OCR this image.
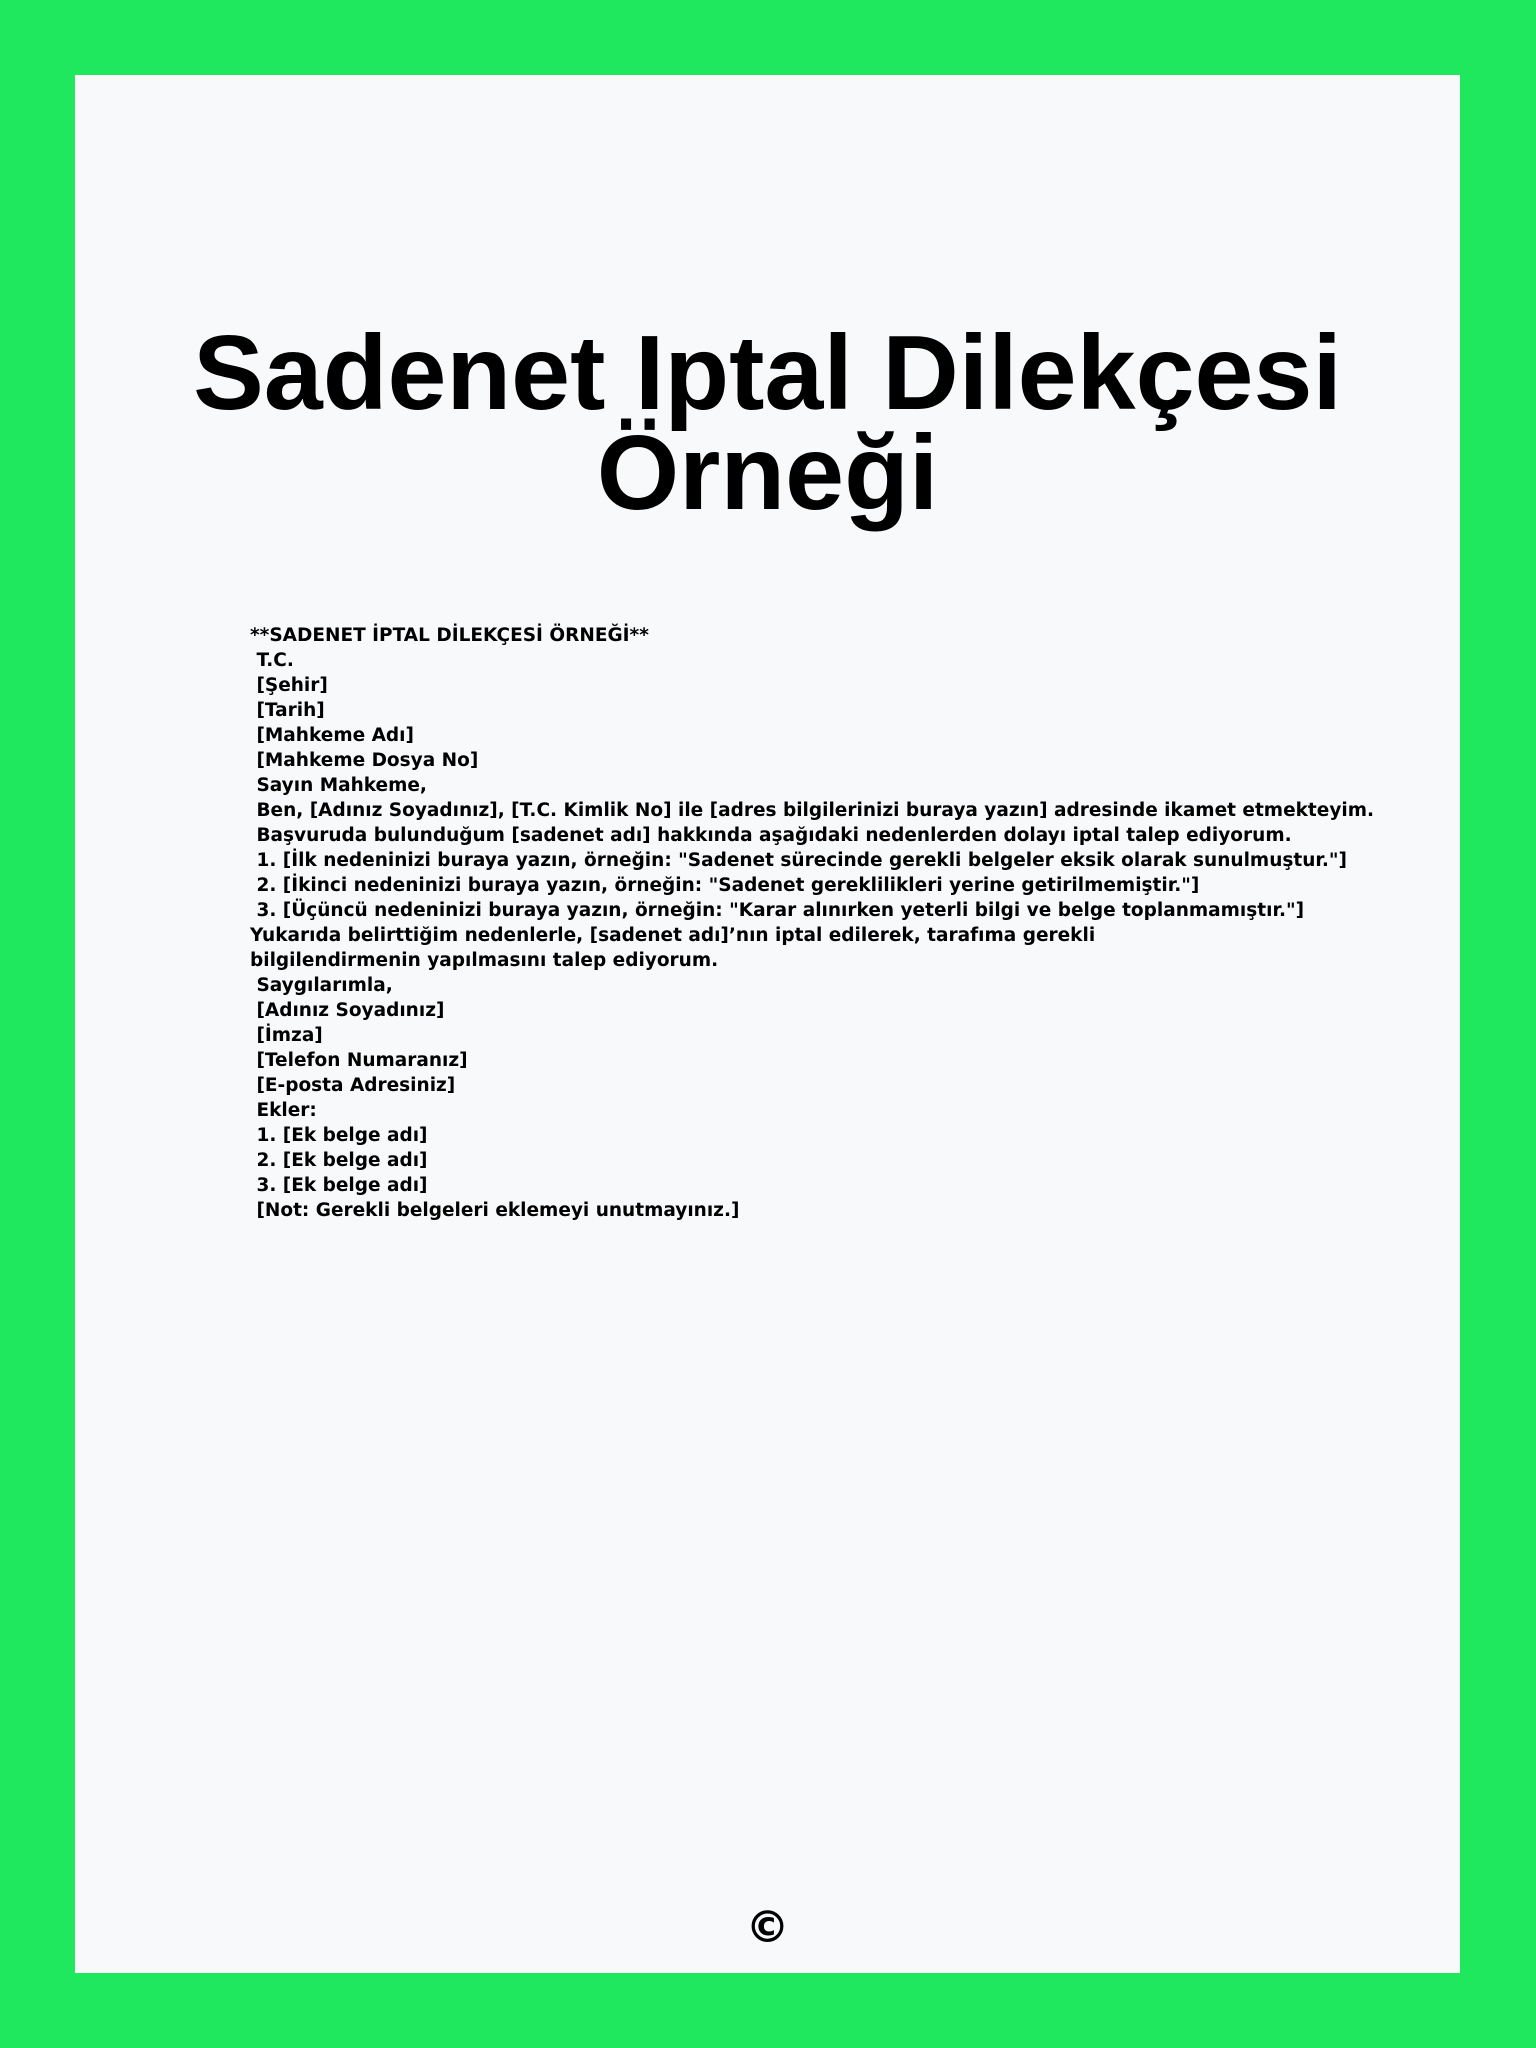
Sadenet Iptal Dilekçesi Örneği
**SADENET İPTAL DİLEKÇESİ ÖRNEĞİ**
T.C.
[Şehir]
[Tarih]
[Mahkeme Adı]
[Mahkeme Dosya No]
Sayın Mahkeme,
Ben, [Adınız Soyadınız], [T.C. Kimlik No] ile [adres bilgilerinizi buraya yazın] adresinde ikamet etmekteyim.
Başvuruda bulunduğum [sadenet adı] hakkında aşağıdaki nedenlerden dolayı iptal talep ediyorum.
1. [İlk nedeninizi buraya yazın, örneğin: "Sadenet sürecinde gerekli belgeler eksik olarak sunulmuştur."]
2. [İkinci nedeninizi buraya yazın, örneğin: "Sadenet gereklilikleri yerine getirilmemiştir."]
3. [Üçüncü nedeninizi buraya yazın, örneğin: "Karar alınırken yeterli bilgi ve belge toplanmamıştır."]
Yukarıda belirttiğim nedenlerle, [sadenet adı]’nın iptal edilerek, tarafıma gerekli bilgilendirmenin yapılmasını talep ediyorum.
Saygılarımla,
[Adınız Soyadınız]
[İmza]
[Telefon Numaranız]
[E-posta Adresiniz]
Ekler:
1. [Ek belge adı]
2. [Ek belge adı]
3. [Ek belge adı]
[Not: Gerekli belgeleri eklemeyi unutmayınız.]
©
